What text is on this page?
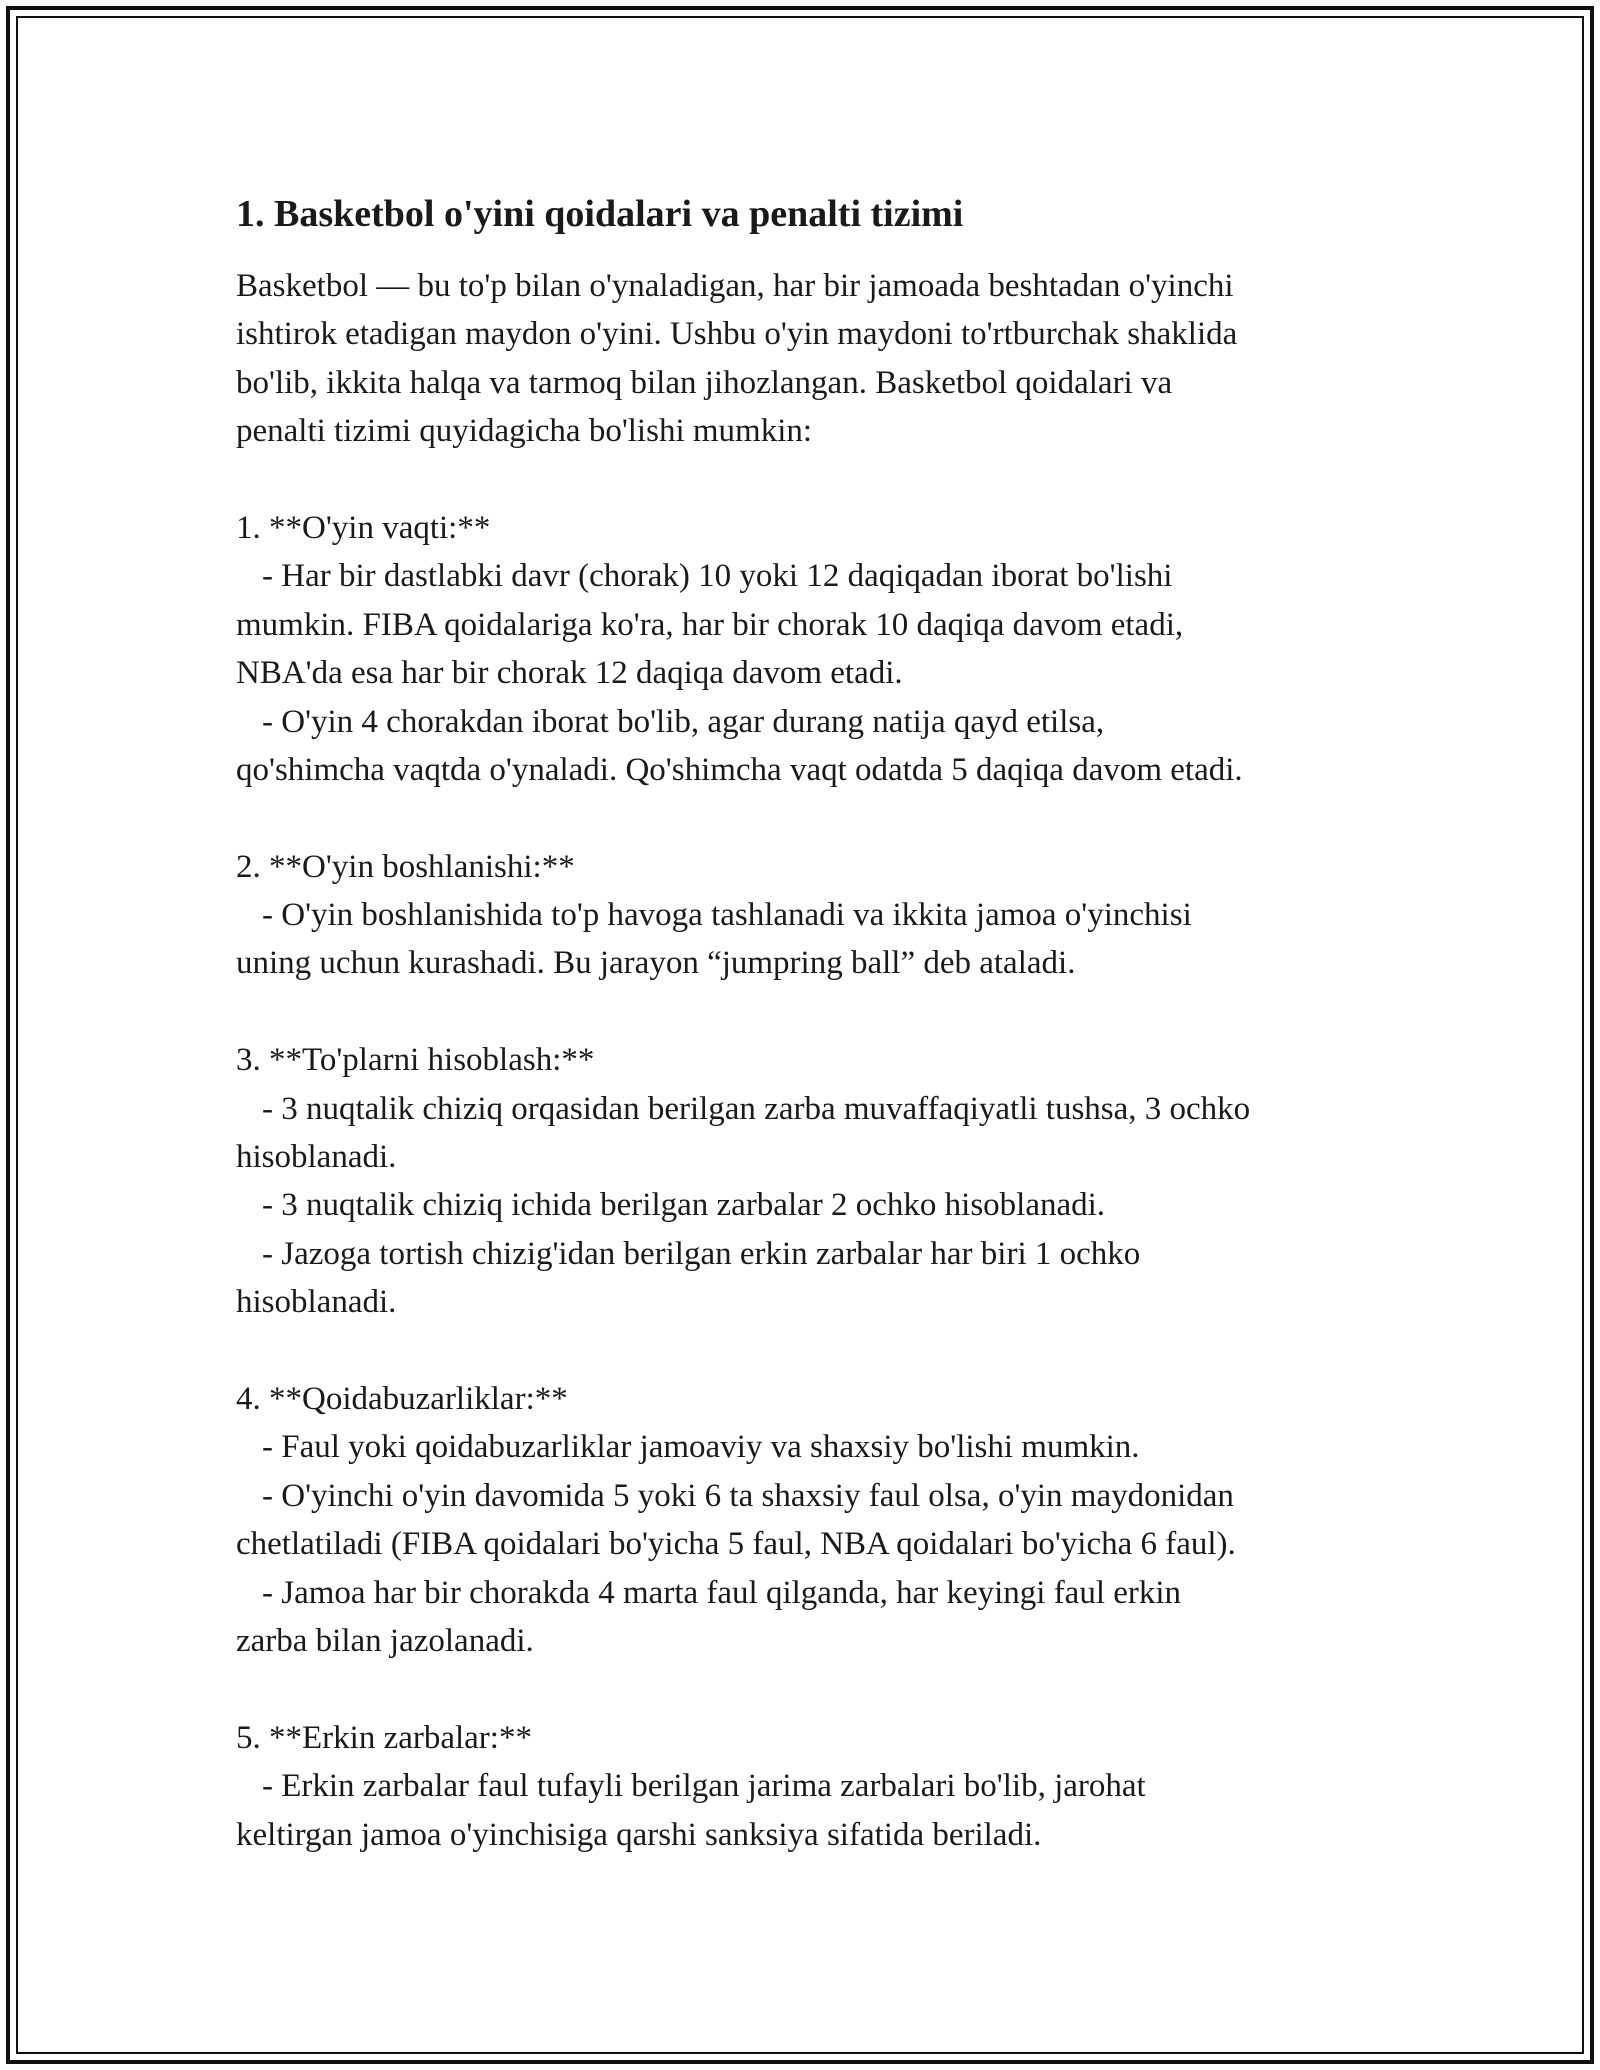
1. Basketbol o'yini qoidalari va penalti tizimi
Basketbol — bu to'p bilan o'ynaladigan, har bir jamoada beshtadan o'yinchi
ishtirok etadigan maydon o'yini. Ushbu o'yin maydoni to'rtburchak shaklida
bo'lib, ikkita halqa va tarmoq bilan jihozlangan. Basketbol qoidalari va
penalti tizimi quyidagicha bo'lishi mumkin:
1. **O'yin vaqti:**
- Har bir dastlabki davr (chorak) 10 yoki 12 daqiqadan iborat bo'lishi
mumkin. FIBA qoidalariga ko'ra, har bir chorak 10 daqiqa davom etadi,
NBA'da esa har bir chorak 12 daqiqa davom etadi.
- O'yin 4 chorakdan iborat bo'lib, agar durang natija qayd etilsa,
qo'shimcha vaqtda o'ynaladi. Qo'shimcha vaqt odatda 5 daqiqa davom etadi.
2. **O'yin boshlanishi:**
- O'yin boshlanishida to'p havoga tashlanadi va ikkita jamoa o'yinchisi
uning uchun kurashadi. Bu jarayon “jumpring ball” deb ataladi.
3. **To'plarni hisoblash:**
- 3 nuqtalik chiziq orqasidan berilgan zarba muvaffaqiyatli tushsa, 3 ochko
hisoblanadi.
- 3 nuqtalik chiziq ichida berilgan zarbalar 2 ochko hisoblanadi.
- Jazoga tortish chizig'idan berilgan erkin zarbalar har biri 1 ochko
hisoblanadi.
4. **Qoidabuzarliklar:**
- Faul yoki qoidabuzarliklar jamoaviy va shaxsiy bo'lishi mumkin.
- O'yinchi o'yin davomida 5 yoki 6 ta shaxsiy faul olsa, o'yin maydonidan
chetlatiladi (FIBA qoidalari bo'yicha 5 faul, NBA qoidalari bo'yicha 6 faul).
- Jamoa har bir chorakda 4 marta faul qilganda, har keyingi faul erkin
zarba bilan jazolanadi.
5. **Erkin zarbalar:**
- Erkin zarbalar faul tufayli berilgan jarima zarbalari bo'lib, jarohat
keltirgan jamoa o'yinchisiga qarshi sanksiya sifatida beriladi.
